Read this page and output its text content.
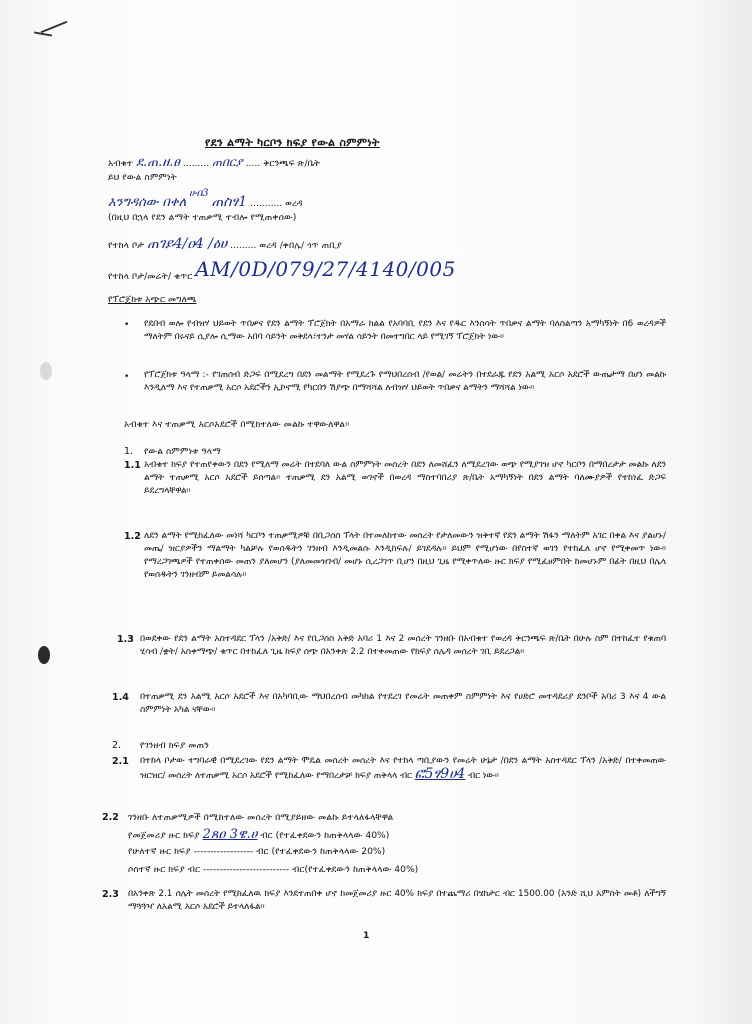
የደን ልማት ካርቦን ክፍያ የውል ስምምነት
አብቁተ ደ.ጠ.ዘ.ፀ ......... ጠበርያ ..... ቅርንጫፍ ጽ/ቤት
ይህ የውል ስምምነት
እንግዳሰው በቀለ ሀብ3 ጠስፃ1 ........... ወረዳ
(በዚህ በኋላ የደን ልማት ተጠቃሚ ተብሎ የሚጠቀሰው)
የተከላ ቦታ ጠገይ4/ዐ4 /ዕሀ ......... ወረዳ /ቀበሌ/ ጎጥ ጠቢያ
የተከላ ቦታ/መሬት/ ቁጥር AM/0D/079/27/4140/005
የፕሮጀክቱ አጭር መግለጫ
• የደበብ ወሎ የብዝሃ ህይወት ጥበቃና የደን ልማት ፕሮጀክት በአማራ ክልል የአባባቢ የደን እና የዱር እንስሳት ጥበቃና ልማት ባለስልጣን አማካኝነት በ6 ወረዳዎች ማለትም በሩናይ ሲያሎ ሲማው አበባ ሳይንት መቅደላ፣ተንታ መሃል ሳይንት በመተግበር ላይ የሚገኝ ፕሮጀክት ነው፡፡
• የፕሮጀክቱ ዓላማ :- የገጠሰብ ድጋፍ በሚደረግ በደን መልማት የሚደረጉ የማህበረሰብ /የወል/ መሬትን በተደራጁ የደን አልሚ አርሶ አደሮች ውጤታማ በሆነ መልኩ እንዲለማ እና የተጠቃሚ አርሶ አደሮችን ኢኮኖሚ የካርበን ሽያጭ በማሻሻል ለብዝሃ ህይወት ጥበቃና ልማትን ማሻሻል ነው፡፡
አብቁተ እና ተጠቃሚ አርሶአደሮች በሚከተለው መልኩ ተዋውለዋል፡፡
1. የውል ስምምነቱ ዓላማ
1.1 አብቁተ ክፍያ የተጠየቀውን በደን የሚለማ መሬት በተደባለ ውል ስምምነት መሰረት በደን ለመሸፈን ለሚደረገው ወጭ የሚያገዝ ሆኖ ካርቦን በማበረታታ መልኩ ለደን ልማት ተጠቃሚ አርሶ አደሮች ይሰጣል፡፡ ተጠቃሚ ደን አልሚ ወገኖች በወረዳ ማስተባበሪያ ጽ/ቤት አማካኝነት በደን ልማት ባለሙያዎች የተከነፈ ድጋፍ ይደረግላቸዋል፡፡
1.2 ለደን ልማት የሚከፈለው መነሻ ካርቦን ተጠቃሚዎቹ በቢጋሰስ ፕላት በተመለከተው መሰረት የታለመውን ዝቅተኛ የደን ልማት ሽፋን ማለትም አገር በቀል እና ያልሆኑ/መጤ/ ዝርያዎችን ማልማት ካልቻሉ የወሰዱትን ገንዘብ እንዲመልሱ እንዲከፍሉ/ ይገደዳሉ፡፡ ይህም የሚሆነው በየስተኛ ወገን የተከፈለ ሆኖ የሚቀመጥ ነው፡፡ የማረጋገጫዎች የተጠቀሰው መጠን ያለመሆን (ያለመመዝገብ/ መሆኑ ሲረጋገጥ ቢሆን በዚህ ጊዜ የሚቀጥለው ዙር ክፍያ የሚፈፀምበት ከመሆኑም በፊት በዚህ በሌላ የወሰዱትን ገንዘብም ይመልሳሉ፡፡
1.3 በወደቀው የደን ልማት አስተዳደር ፕላን /አቅድ/ እና የቢጋሰስ አቅድ አባሪ 1 እና 2 መሰረት ገንዘቡ በአብቁተ የወረዳ ቅርንጫፍ ጽ/ቤት በሁሉ ስም በተከፈተ የቁጠባ ሂሳብ /ቋት/ አስቀማጭ/ ቁጥር በተከፈለ ጊዜ ክፍያ ሰጭ በአንቀጽ 2.2 በተቀመጠው የክፍያ ሰሌዳ መሰረት ገቢ ይደረጋል፡፡
1.4 በተጠቃሚ ደን አልሚ አርሶ አደሮች እና በአካባቢው ማህበረሰብ መካከል የተደረገ የመሬት መጠቀም ስምምነት እና የሀድሮ መተዳደሪያ ደንቦች አባሪ 3 እና 4 ውል ስምምነት አካል ናቸው፡፡
2. የገንዘብ ክፍያ መጠን
2.1 በተከላ ቦታው ተግባራዊ በሚደረገው የደን ልማት ሞዴል መሰረት መሰረት እና የተከላ ጣቢያውን የመሬት ሁኔታ /በደን ልማት አስተዳደር ፕላን /አቅድ/ በተቀመጠው ዝርዝር/ መሰረት ለተጠቃሚ አርሶ አደሮች የሚከፈለው የማበረታቻ ክፍያ ጠቅላላ ብር ፎ5ፃ9ሀ4 ብር ነው፡፡
2.2 ገንዘቡ ለተጠቃሚዎች በሚከተለው መሰረት በሚያይዘው መልኩ ይተላለፋላቸዋል
የመጀመሪያ ዙር ክፍያ 2ጸዐ 3ዌ.ሀ ብር (የተፈቀደውን ከጠቅላላው 40%)
የሁለተኛ ዙር ክፍያ ------------------ ብር (የተፈቀደውን ከጠቅላላው 20%)
ሶስተኛ ዙር ክፍያ ብር -------------------------- ብር(የተፈቀደውን ከጠቅላላው 40%)
2.3 በአንቀጽ 2.1 ሰሌት መሰረት የሚከፈለዉ ክፍያ እንደተጠበቀ ሆኖ ከመጀመሪያ ዙር 40% ክፍያ በተጨማሪ በሄክታር ብር 1500.00 (አንድ ሺህ አምስት መቶ) ለችግኝ ማጓጓዣ ለአልሚ አርሶ አደሮች ይተላለፋል፡፡
1
